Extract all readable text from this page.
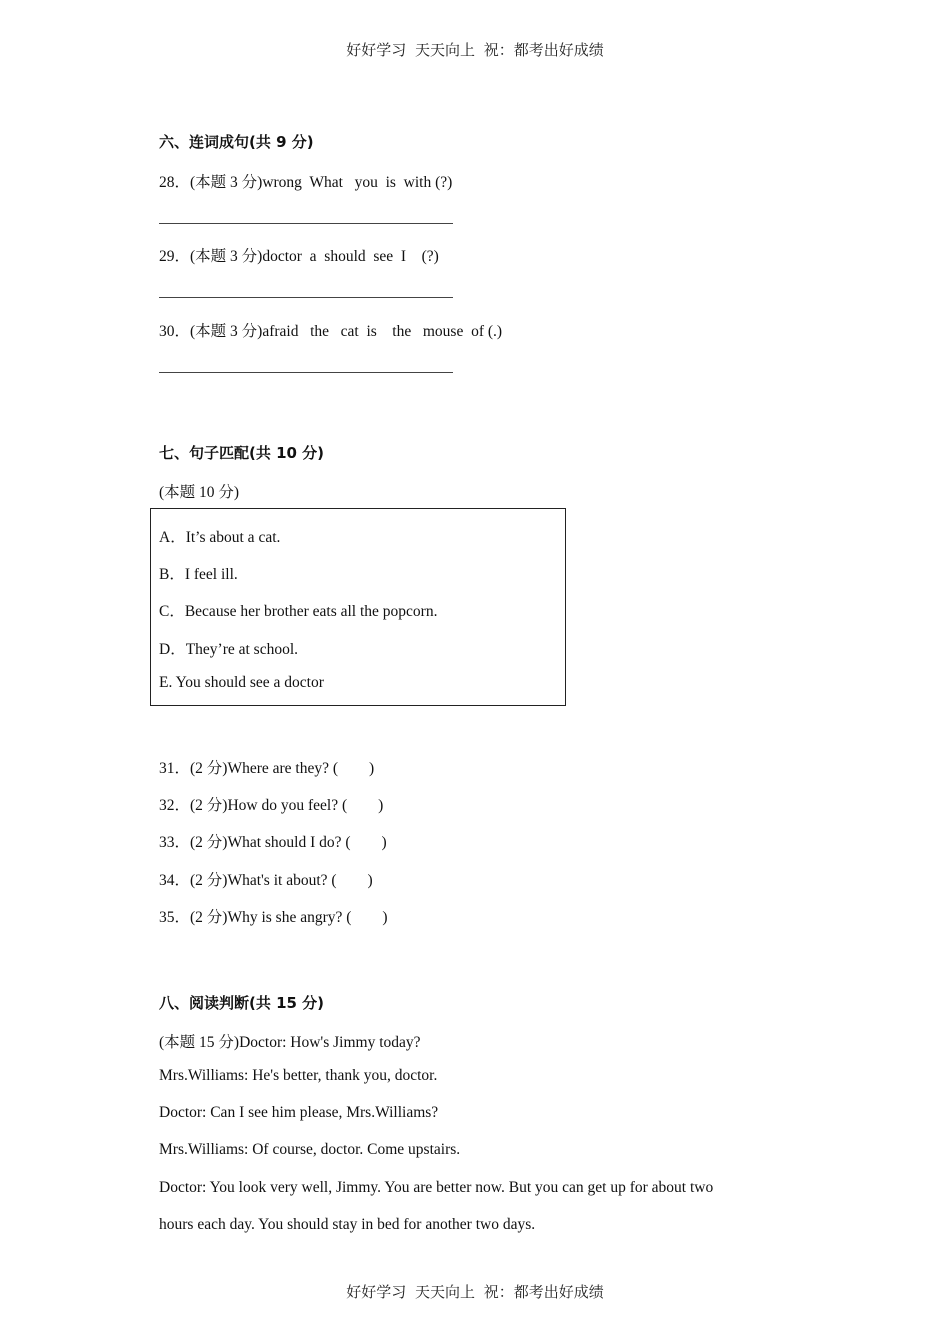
好好学习 天天向上 祝：都考出好成绩
六、连词成句(共 9 分)
28．(本题 3 分)wrong  What   you  is  with (?)
29．(本题 3 分)doctor  a  should  see  I    (?)
30．(本题 3 分)afraid   the   cat  is    the   mouse  of (.)
七、句子匹配(共 10 分)
(本题 10 分)
A．It’s about a cat.
B．I feel ill.
C．Because her brother eats all the popcorn.
D．They’re at school.
E. You should see a doctor
31．(2 分)Where are they? (        )
32．(2 分)How do you feel? (        )
33．(2 分)What should I do? (        )
34．(2 分)What's it about? (        )
35．(2 分)Why is she angry? (        )
八、阅读判断(共 15 分)
(本题 15 分)Doctor: How's Jimmy today?
Mrs.Williams: He's better, thank you, doctor.
Doctor: Can I see him please, Mrs.Williams?
Mrs.Williams: Of course, doctor. Come upstairs.
Doctor: You look very well, Jimmy. You are better now. But you can get up for about two
hours each day. You should stay in bed for another two days.
好好学习 天天向上 祝：都考出好成绩
